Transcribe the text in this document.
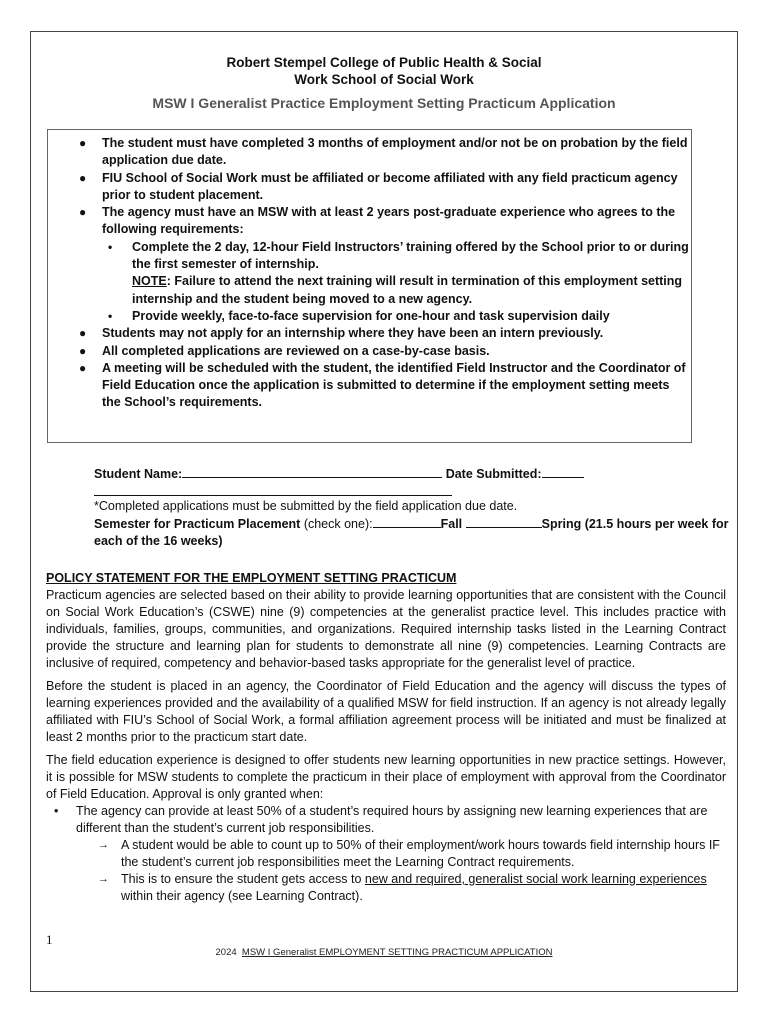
Robert Stempel College of Public Health & Social
Work School of Social Work
MSW I Generalist Practice Employment Setting Practicum Application
● The student must have completed 3 months of employment and/or not be on probation by the field application due date.
● FIU School of Social Work must be affiliated or become affiliated with any field practicum agency prior to student placement.
● The agency must have an MSW with at least 2 years post-graduate experience who agrees to the following requirements:
• Complete the 2 day, 12-hour Field Instructors’ training offered by the School prior to or during the first semester of internship.
NOTE: Failure to attend the next training will result in termination of this employment setting internship and the student being moved to a new agency.
• Provide weekly, face-to-face supervision for one-hour and task supervision daily
● Students may not apply for an internship where they have been an intern previously.
● All completed applications are reviewed on a case-by-case basis.
● A meeting will be scheduled with the student, the identified Field Instructor and the Coordinator of Field Education once the application is submitted to determine if the employment setting meets the School’s requirements.
Student Name:	Date Submitted:
*Completed applications must be submitted by the field application due date.
Semester for Practicum Placement (check one):	Fall	Spring (21.5 hours per week for each of the 16 weeks)
POLICY STATEMENT FOR THE EMPLOYMENT SETTING PRACTICUM

Practicum agencies are selected based on their ability to provide learning opportunities that are consistent with the Council on Social Work Education’s (CSWE) nine (9) competencies at the generalist practice level. This includes practice with individuals, families, groups, communities, and organizations. Required internship tasks listed in the Learning Contract provide the structure and learning plan for students to demonstrate all nine (9) competencies. Learning Contracts are inclusive of required, competency and behavior-based tasks appropriate for the generalist level of practice.

Before the student is placed in an agency, the Coordinator of Field Education and the agency will discuss the types of learning experiences provided and the availability of a qualified MSW for field instruction. If an agency is not already legally affiliated with FIU’s School of Social Work, a formal affiliation agreement process will be initiated and must be finalized at least 2 months prior to the practicum start date.

The field education experience is designed to offer students new learning opportunities in new practice settings. However, it is possible for MSW students to complete the practicum in their place of employment with approval from the Coordinator of Field Education. Approval is only granted when:

• The agency can provide at least 50% of a student’s required hours by assigning new learning experiences that are different than the student’s current job responsibilities.
→ A student would be able to count up to 50% of their employment/work hours towards field internship hours IF the student’s current job responsibilities meet the Learning Contract requirements.
→ This is to ensure the student gets access to new and required, generalist social work learning experiences within their agency (see Learning Contract).
1
2024 MSW I Generalist EMPLOYMENT SETTING PRACTICUM APPLICATION
